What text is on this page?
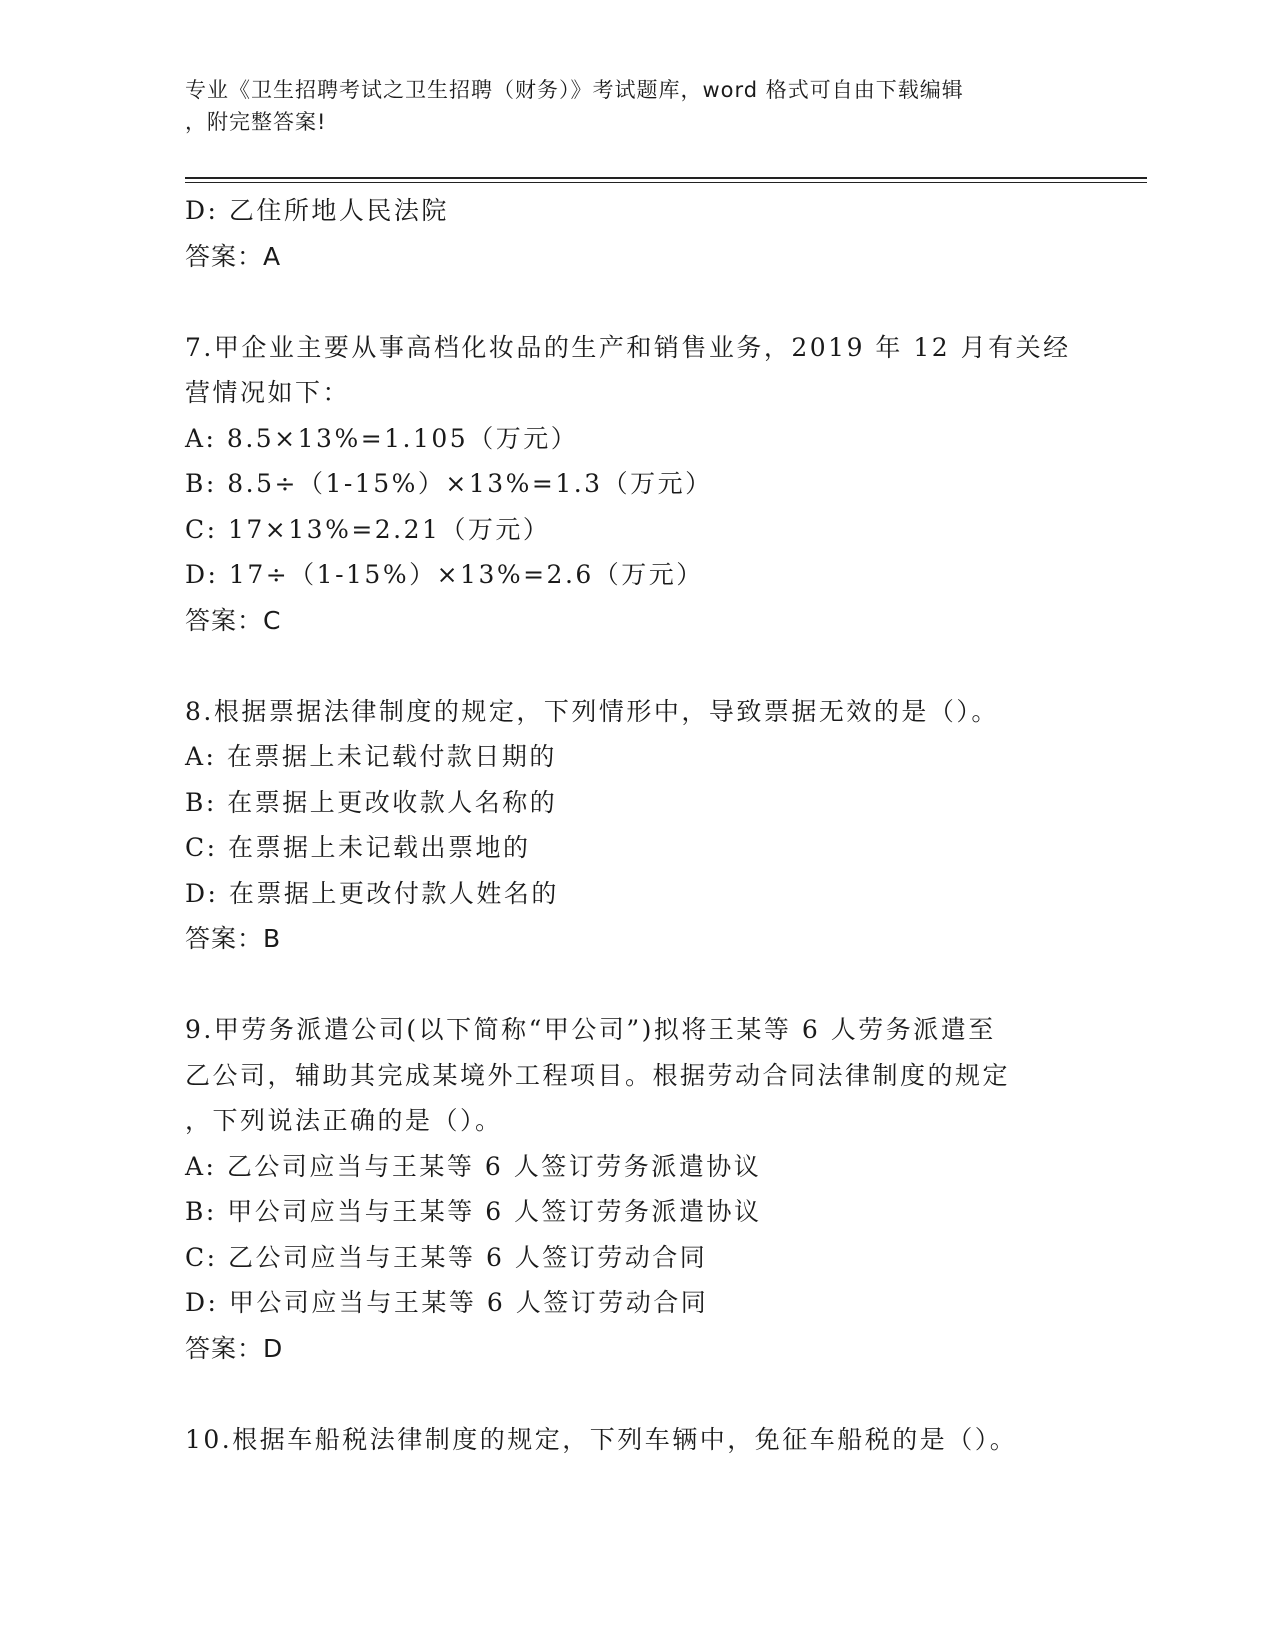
专业《卫生招聘考试之卫生招聘（财务）》考试题库，word 格式可自由下载编辑
，附完整答案!
D: 乙住所地人民法院
答案：A
7.甲企业主要从事高档化妆品的生产和销售业务，2019 年 12 月有关经
营情况如下：
A: 8.5×13%=1.105（万元）
B: 8.5÷（1-15%）×13%=1.3（万元）
C: 17×13%=2.21（万元）
D: 17÷（1-15%）×13%=2.6（万元）
答案：C
8.根据票据法律制度的规定，下列情形中，导致票据无效的是（）。
A: 在票据上未记载付款日期的
B: 在票据上更改收款人名称的
C: 在票据上未记载出票地的
D: 在票据上更改付款人姓名的
答案：B
9.甲劳务派遣公司(以下简称“甲公司”)拟将王某等 6 人劳务派遣至
乙公司，辅助其完成某境外工程项目。根据劳动合同法律制度的规定
，下列说法正确的是（）。
A: 乙公司应当与王某等 6 人签订劳务派遣协议
B: 甲公司应当与王某等 6 人签订劳务派遣协议
C: 乙公司应当与王某等 6 人签订劳动合同
D: 甲公司应当与王某等 6 人签订劳动合同
答案：D
10.根据车船税法律制度的规定，下列车辆中，免征车船税的是（）。
